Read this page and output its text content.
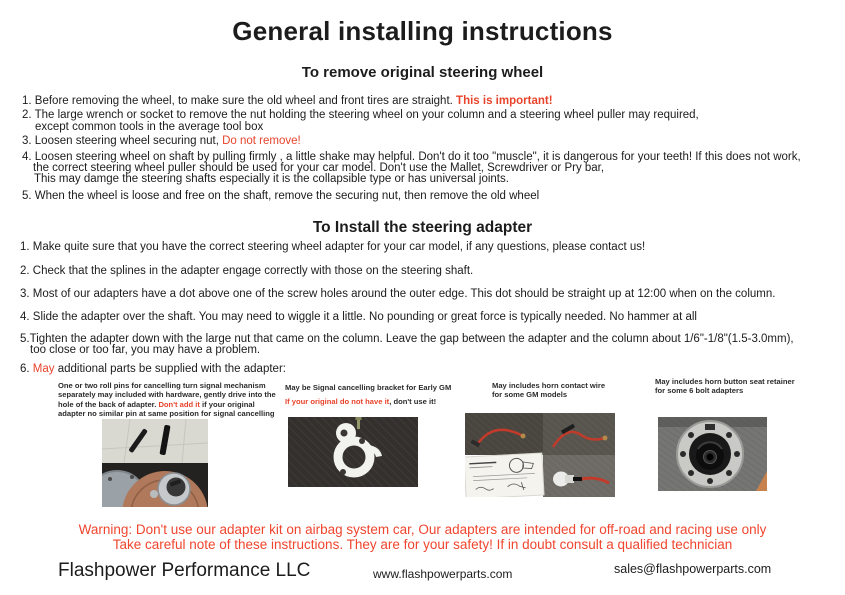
General installing instructions
To remove original steering wheel
1. Before removing the wheel, to make sure the old wheel and front tires are straight. This is important!
2. The large wrench or socket to remove the nut holding the steering wheel on your column and a steering wheel puller may required,
except common tools in the average tool box
3. Loosen steering wheel securing nut, Do not remove!
4. Loosen steering wheel on shaft by pulling firmly , a little shake may helpful. Don't do it too "muscle", it is dangerous for your teeth! If this does not work,
the correct steering wheel puller should be used for your car model. Don't use the Mallet, Screwdriver or Pry bar,
This may damge the steering shafts especially it is the collapsible type or has universal joints.
5. When the wheel is loose and free on the shaft, remove the securing nut, then remove the old wheel
To Install the steering adapter
1. Make quite sure that you have the correct steering wheel adapter for your car model, if any questions, please contact us!
2. Check that the splines in the adapter engage correctly with those on the steering shaft.
3. Most of our adapters have a dot above one of the screw holes around the outer edge. This dot should be straight up at 12:00 when on the column.
4. Slide the adapter over the shaft. You may need to wiggle it a little. No pounding or great force is typically needed. No hammer at all
5.Tighten the adapter down with the large nut that came on the column. Leave the gap between the adapter and the column about 1/6"-1/8"(1.5-3.0mm),
too close or too far, you may have a problem.
6. May additional parts be supplied with the adapter:
One or two roll pins for cancelling turn signal mechanism separately may included with hardware, gently drive into the hole of the back of adapter. Don't add it if your original adapter no similar pin at same position for signal cancelling
May be Signal cancelling bracket for Early GM
If your original do not have it, don't use it!
May includes horn contact wire
for some GM models
May includes horn button seat retainer
for some 6 bolt adapters
Warning: Don't use our adapter kit on airbag system car, Our adapters are intended for off-road and racing use only
Take careful note of these instructions. They are for your safety! If in doubt consult a qualified technician
Flashpower Performance LLC	www.flashpowerparts.com	sales@flashpowerparts.com
